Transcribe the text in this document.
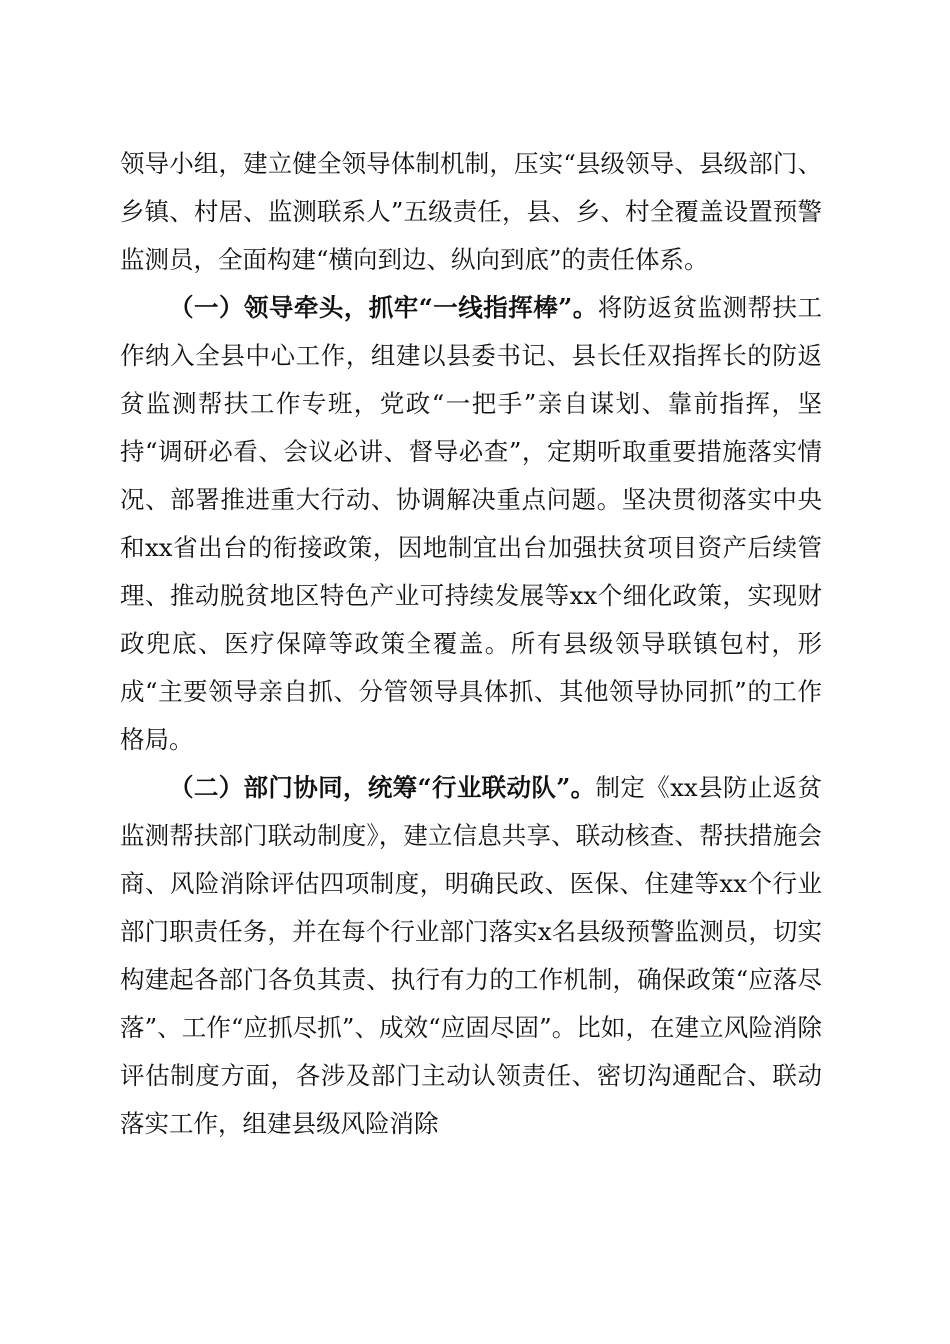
领导小组，建立健全领导体制机制，压实“县级领导、县级部门、乡镇、村居、监测联系人”五级责任，县、乡、村全覆盖设置预警监测员，全面构建“横向到边、纵向到底”的责任体系。

（一）领导牵头，抓牢“一线指挥棒”。将防返贫监测帮扶工作纳入全县中心工作，组建以县委书记、县长任双指挥长的防返贫监测帮扶工作专班，党政“一把手”亲自谋划、靠前指挥，坚持“调研必看、会议必讲、督导必查”，定期听取重要措施落实情况、部署推进重大行动、协调解决重点问题。坚决贯彻落实中央和xx省出台的衔接政策，因地制宜出台加强扶贫项目资产后续管理、推动脱贫地区特色产业可持续发展等xx个细化政策，实现财政兜底、医疗保障等政策全覆盖。所有县级领导联镇包村，形成“主要领导亲自抓、分管领导具体抓、其他领导协同抓”的工作格局。

（二）部门协同，统筹“行业联动队”。制定《xx县防止返贫监测帮扶部门联动制度》，建立信息共享、联动核查、帮扶措施会商、风险消除评估四项制度，明确民政、医保、住建等xx个行业部门职责任务，并在每个行业部门落实x名县级预警监测员，切实构建起各部门各负其责、执行有力的工作机制，确保政策“应落尽落”、工作“应抓尽抓”、成效“应固尽固”。比如，在建立风险消除评估制度方面，各涉及部门主动认领责任、密切沟通配合、联动落实工作，组建县级风险消除
